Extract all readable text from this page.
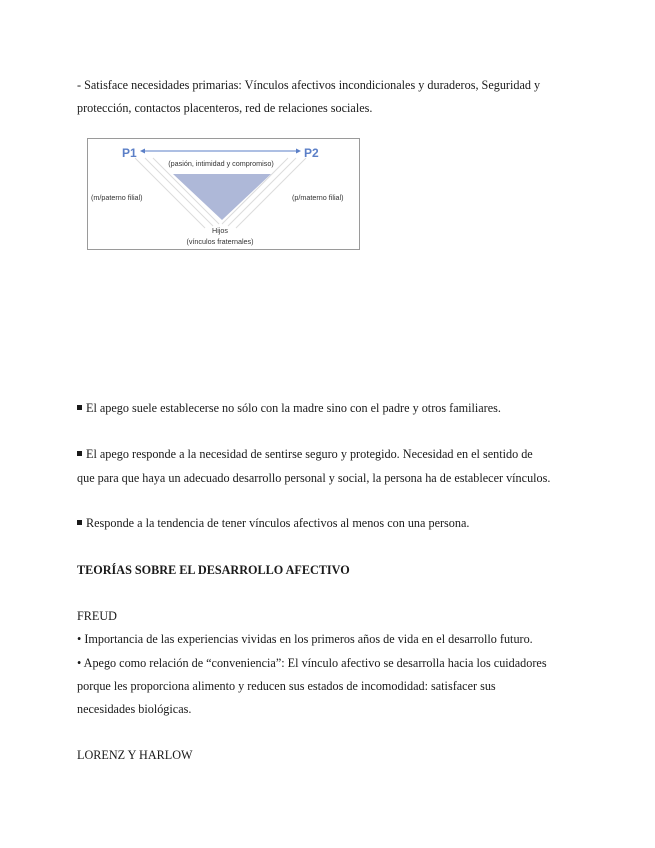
- Satisface necesidades primarias: Vínculos afectivos incondicionales y duraderos, Seguridad y
protección, contactos placenteros, red de relaciones sociales.
P1	P2
(pasión, intimidad y compromiso)
(m/paterno filial)	(p/materno filial)
Hijos
(vínculos fraternales)
El apego suele establecerse no sólo con la madre sino con el padre y otros familiares.
El apego responde a la necesidad de sentirse seguro y protegido. Necesidad en el sentido de
que para que haya un adecuado desarrollo personal y social, la persona ha de establecer vínculos.
Responde a la tendencia de tener vínculos afectivos al menos con una persona.
TEORÍAS SOBRE EL DESARROLLO AFECTIVO
FREUD
• Importancia de las experiencias vividas en los primeros años de vida en el desarrollo futuro.
• Apego como relación de “conveniencia”: El vínculo afectivo se desarrolla hacia los cuidadores
porque les proporciona alimento y reducen sus estados de incomodidad: satisfacer sus
necesidades biológicas.
LORENZ Y HARLOW
